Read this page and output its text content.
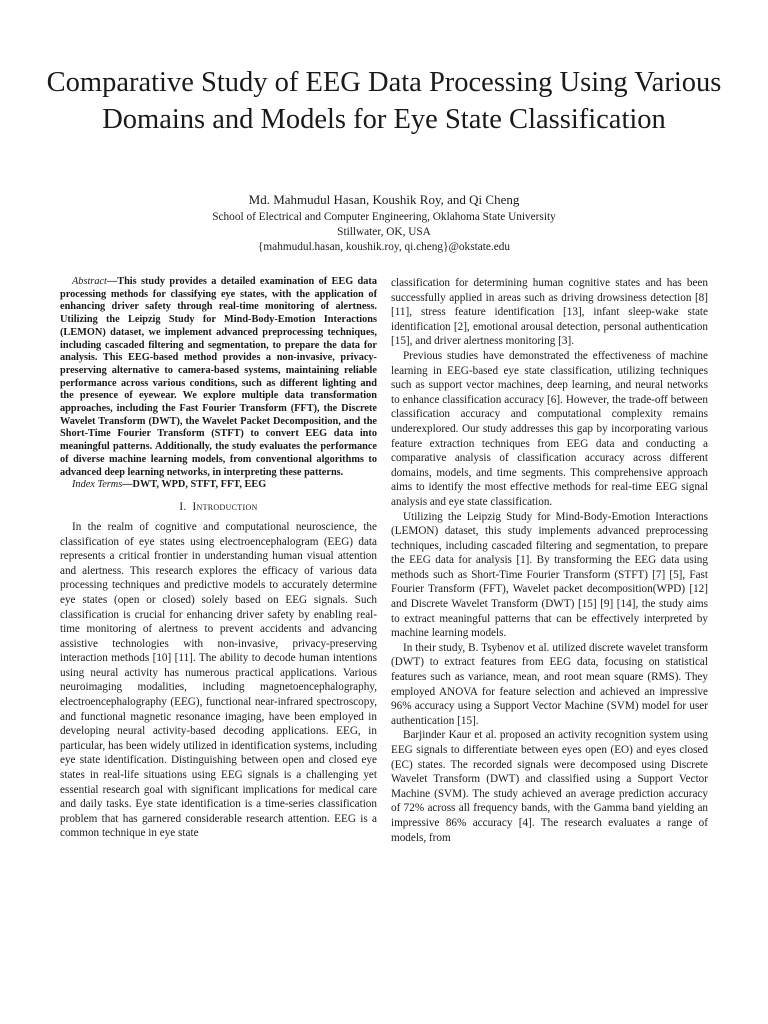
Comparative Study of EEG Data Processing Using Various Domains and Models for Eye State Classification
Md. Mahmudul Hasan, Koushik Roy, and Qi Cheng
School of Electrical and Computer Engineering, Oklahoma State University
Stillwater, OK, USA
{mahmudul.hasan, koushik.roy, qi.cheng}@okstate.edu

Abstract—This study provides a detailed examination of EEG data processing methods for classifying eye states, with the application of enhancing driver safety through real-time monitoring of alertness. Utilizing the Leipzig Study for Mind-Body-Emotion Interactions (LEMON) dataset, we implement advanced preprocessing techniques, including cascaded filtering and segmentation, to prepare the data for analysis. This EEG-based method provides a non-invasive, privacy-preserving alternative to camera-based systems, maintaining reliable performance across various conditions, such as different lighting and the presence of eyewear. We explore multiple data transformation approaches, including the Fast Fourier Transform (FFT), the Discrete Wavelet Transform (DWT), the Wavelet Packet Decomposition, and the Short-Time Fourier Transform (STFT) to convert EEG data into meaningful patterns. Additionally, the study evaluates the performance of diverse machine learning models, from conventional algorithms to advanced deep learning networks, in interpreting these patterns.

Index Terms—DWT, WPD, STFT, FFT, EEG

I. Introduction

In the realm of cognitive and computational neuroscience, the classification of eye states using electroencephalogram (EEG) data represents a critical frontier in understanding human visual attention and alertness. This research explores the efficacy of various data processing techniques and predictive models to accurately determine eye states (open or closed) solely based on EEG signals. Such classification is crucial for enhancing driver safety by enabling real-time monitoring of alertness to prevent accidents and advancing assistive technologies with non-invasive, privacy-preserving interaction methods [10] [11]. The ability to decode human intentions using neural activity has numerous practical applications. Various neuroimaging modalities, including magnetoencephalography, electroencephalography (EEG), functional near-infrared spectroscopy, and functional magnetic resonance imaging, have been employed in developing neural activity-based decoding applications. EEG, in particular, has been widely utilized in identification systems, including eye state identification. Distinguishing between open and closed eye states in real-life situations using EEG signals is a challenging yet essential research goal with significant implications for medical care and daily tasks. Eye state identification is a time-series classification problem that has garnered considerable research attention. EEG is a common technique in eye state

classification for determining human cognitive states and has been successfully applied in areas such as driving drowsiness detection [8] [11], stress feature identification [13], infant sleep-wake state identification [2], emotional arousal detection, personal authentication [15], and driver alertness monitoring [3].

Previous studies have demonstrated the effectiveness of machine learning in EEG-based eye state classification, utilizing techniques such as support vector machines, deep learning, and neural networks to enhance classification accuracy [6]. However, the trade-off between classification accuracy and computational complexity remains underexplored. Our study addresses this gap by incorporating various feature extraction techniques from EEG data and conducting a comparative analysis of classification accuracy across different domains, models, and time segments. This comprehensive approach aims to identify the most effective methods for real-time EEG signal analysis and eye state classification.

Utilizing the Leipzig Study for Mind-Body-Emotion Interactions (LEMON) dataset, this study implements advanced preprocessing techniques, including cascaded filtering and segmentation, to prepare the EEG data for analysis [1]. By transforming the EEG data using methods such as Short-Time Fourier Transform (STFT) [7] [5], Fast Fourier Transform (FFT), Wavelet packet decomposition(WPD) [12] and Discrete Wavelet Transform (DWT) [15] [9] [14], the study aims to extract meaningful patterns that can be effectively interpreted by machine learning models.

In their study, B. Tsybenov et al. utilized discrete wavelet transform (DWT) to extract features from EEG data, focusing on statistical features such as variance, mean, and root mean square (RMS). They employed ANOVA for feature selection and achieved an impressive 96% accuracy using a Support Vector Machine (SVM) model for user authentication [15].

Barjinder Kaur et al. proposed an activity recognition system using EEG signals to differentiate between eyes open (EO) and eyes closed (EC) states. The recorded signals were decomposed using Discrete Wavelet Transform (DWT) and classified using a Support Vector Machine (SVM). The study achieved an average prediction accuracy of 72% across all frequency bands, with the Gamma band yielding an impressive 86% accuracy [4]. The research evaluates a range of models, from
